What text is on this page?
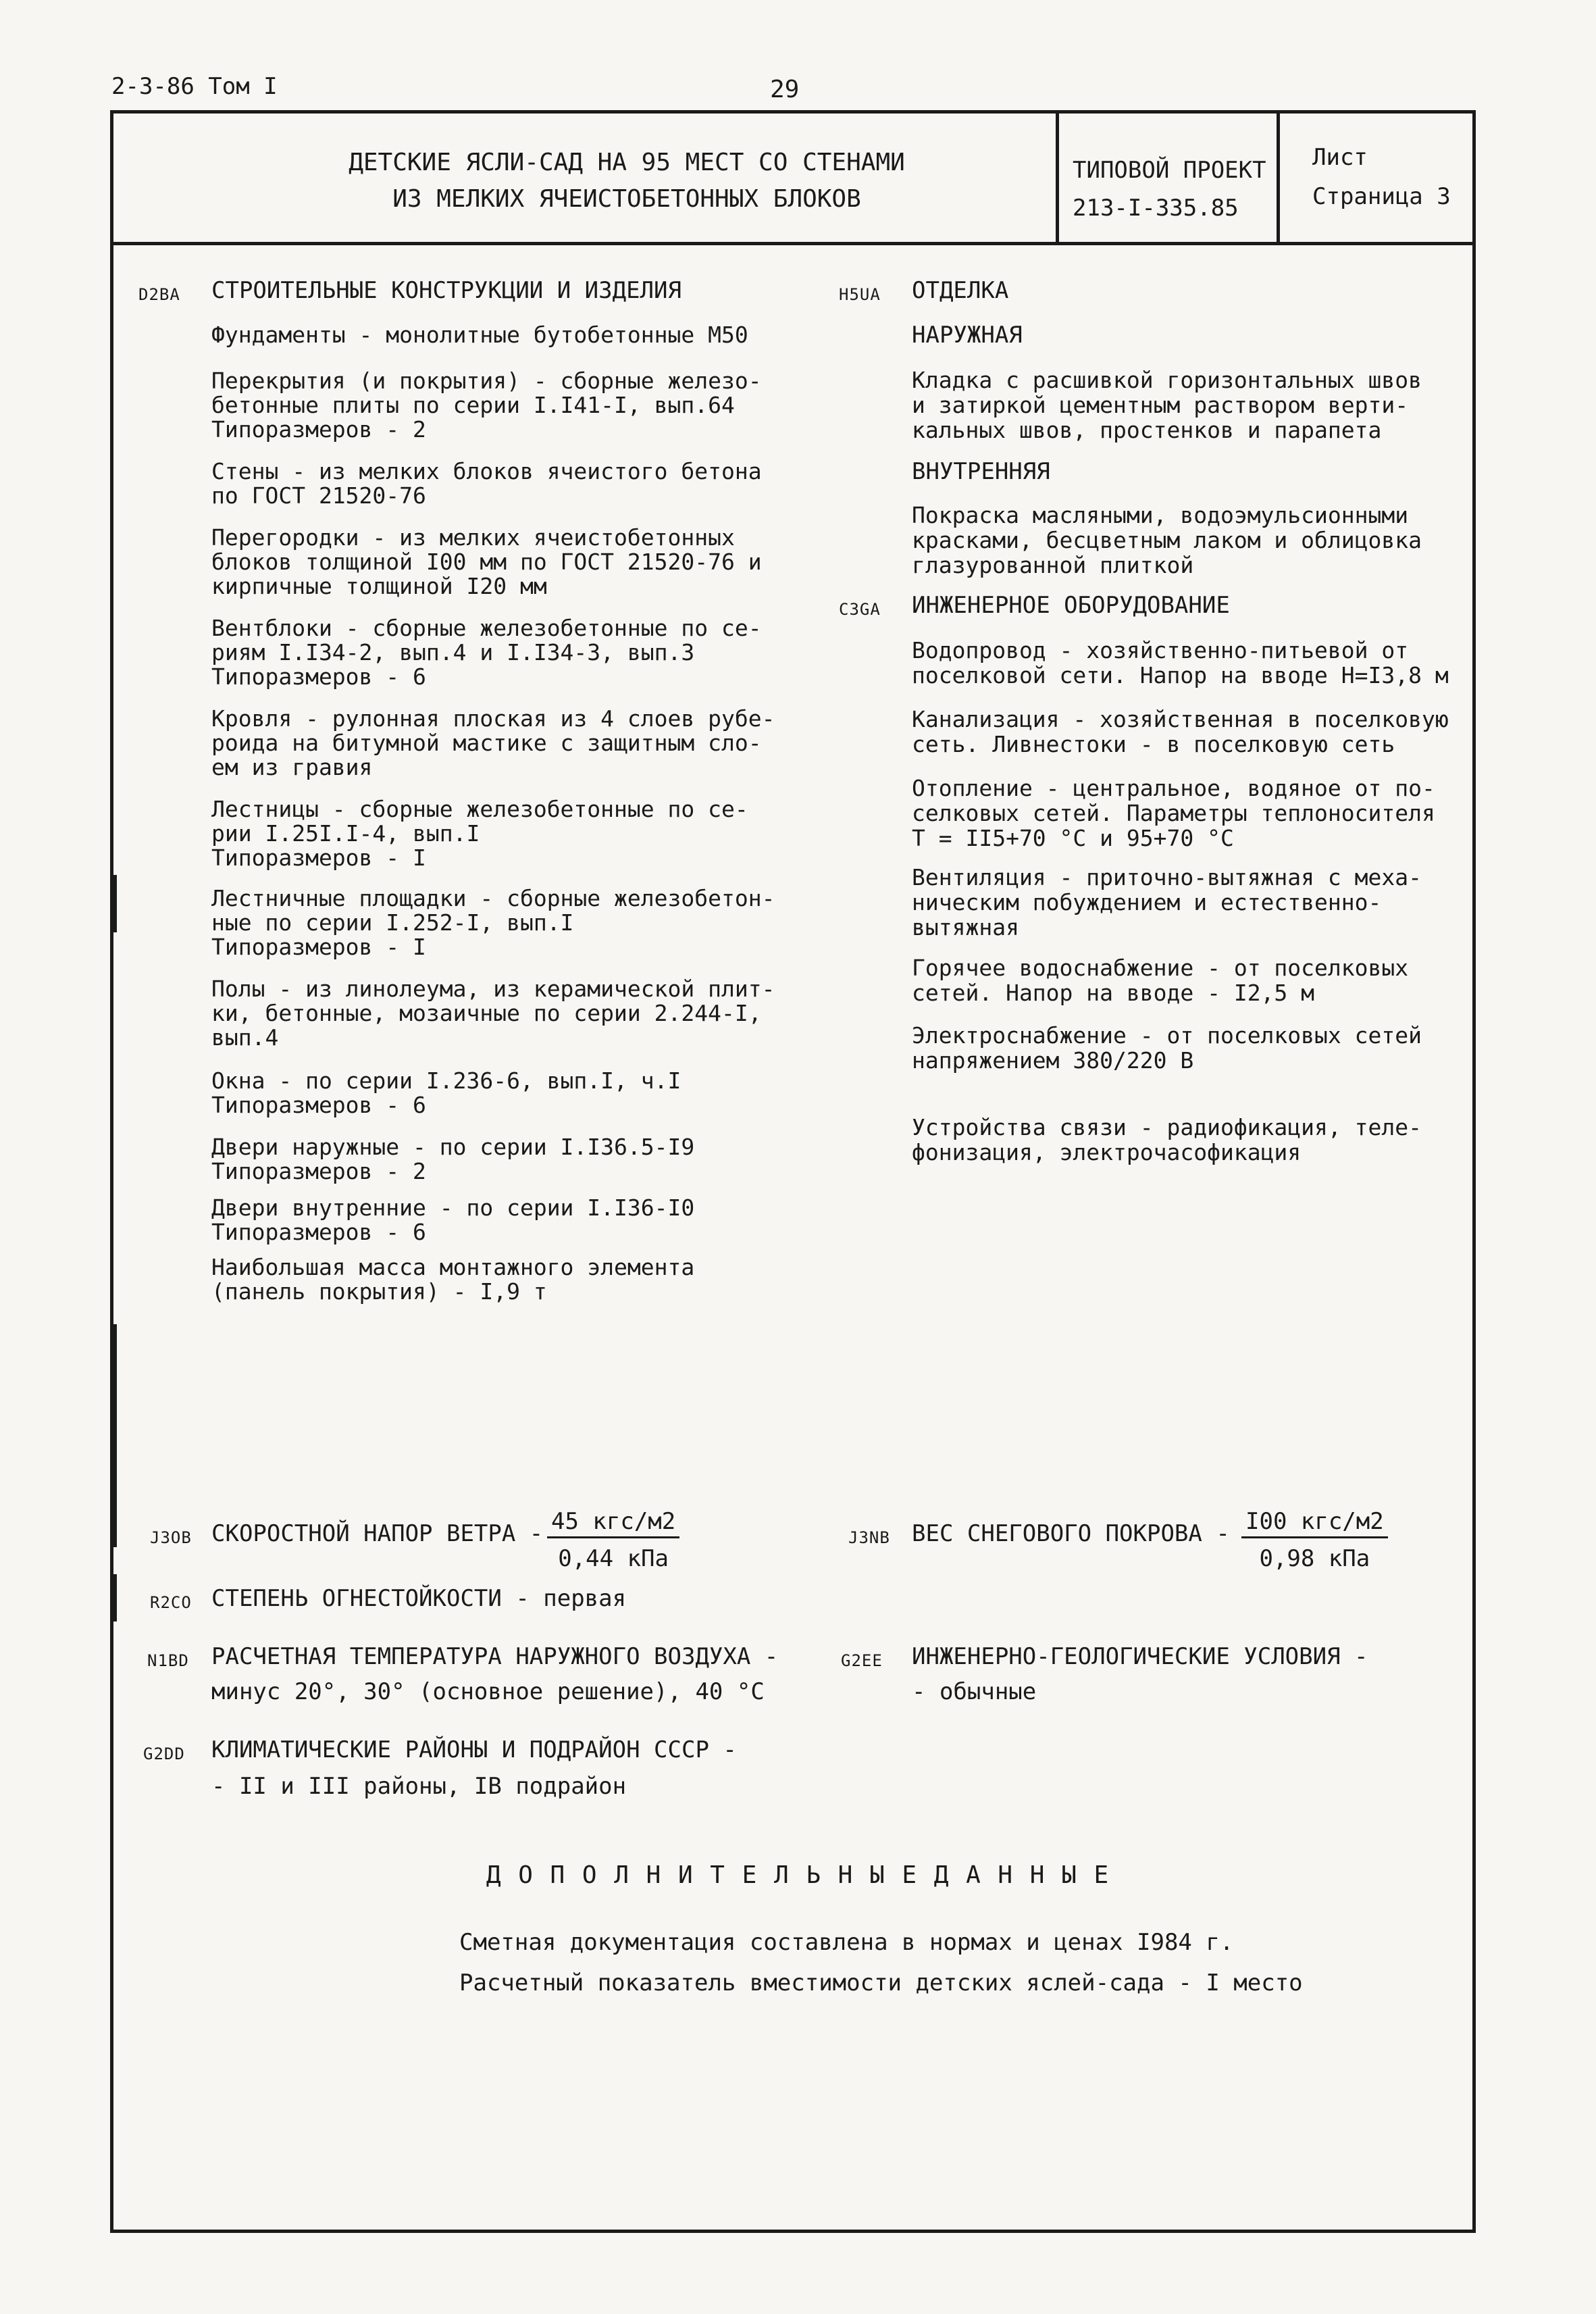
2-3-86 Том I	29
ДЕТСКИЕ ЯСЛИ-САД НА 95 МЕСТ СО СТЕНАМИ
ИЗ МЕЛКИХ ЯЧЕИСТОБЕТОННЫХ БЛОКОВ
ТИПОВОЙ ПРОЕКТ
213-I-335.85
Лист
Страница 3
D2BA СТРОИТЕЛЬНЫЕ КОНСТРУКЦИИ И ИЗДЕЛИЯ
Фундаменты - монолитные бутобетонные М50
Перекрытия (и покрытия) - сборные железо-
бетонные плиты по серии I.I41-I, вып.64
Типоразмеров - 2
Стены - из мелких блоков ячеистого бетона
по ГОСТ 21520-76
Перегородки - из мелких ячеистобетонных
блоков толщиной I00 мм по ГОСТ 21520-76 и
кирпичные толщиной I20 мм
Вентблоки - сборные железобетонные по се-
риям I.I34-2, вып.4 и I.I34-3, вып.3
Типоразмеров - 6
Кровля - рулонная плоская из 4 слоев рубе-
роида на битумной мастике с защитным сло-
ем из гравия
Лестницы - сборные железобетонные по се-
рии I.25I.I-4, вып.I
Типоразмеров - I
Лестничные площадки - сборные железобетон-
ные по серии I.252-I, вып.I
Типоразмеров - I
Полы - из линолеума, из керамической плит-
ки, бетонные, мозаичные по серии 2.244-I,
вып.4
Окна - по серии I.236-6, вып.I, ч.I
Типоразмеров - 6
Двери наружные - по серии I.I36.5-I9
Типоразмеров - 2
Двери внутренние - по серии I.I36-I0
Типоразмеров - 6
Наибольшая масса монтажного элемента
(панель покрытия) - I,9 т
H5UA ОТДЕЛКА
НАРУЖНАЯ
Кладка с расшивкой горизонтальных швов
и затиркой цементным раствором верти-
кальных швов, простенков и парапета
ВНУТРЕННЯЯ
Покраска масляными, водоэмульсионными
красками, бесцветным лаком и облицовка
глазурованной плиткой
C3GA ИНЖЕНЕРНОЕ ОБОРУДОВАНИЕ
Водопровод - хозяйственно-питьевой от
поселковой сети. Напор на вводе Н=I3,8 м
Канализация - хозяйственная в поселковую
сеть. Ливнестоки - в поселковую сеть
Отопление - центральное, водяное от по-
селковых сетей. Параметры теплоносителя
Т = II5+70 °С и 95+70 °С
Вентиляция - приточно-вытяжная с меха-
ническим побуждением и естественно-
вытяжная
Горячее водоснабжение - от поселковых
сетей. Напор на вводе - I2,5 м
Электроснабжение - от поселковых сетей
напряжением 380/220 В
Устройства связи - радиофикация, теле-
фонизация, электрочасофикация
J3OB СКОРОСТНОЙ НАПОР ВЕТРА - 45 кгс/м2
0,44 кПа
J3NB ВЕС СНЕГОВОГО ПОКРОВА - I00 кгс/м2
0,98 кПа
R2CO СТЕПЕНЬ ОГНЕСТОЙКОСТИ - первая
N1BD РАСЧЕТНАЯ ТЕМПЕРАТУРА НАРУЖНОГО ВОЗДУХА -
минус 20°, 30° (основное решение), 40 °С
G2EE ИНЖЕНЕРНО-ГЕОЛОГИЧЕСКИЕ УСЛОВИЯ -
- обычные
G2DD КЛИМАТИЧЕСКИЕ РАЙОНЫ И ПОДРАЙОН СССР -
- II и III районы, IВ подрайон
Д О П О Л Н И Т Е Л Ь Н Ы Е Д А Н Н Ы Е
Сметная документация составлена в нормах и ценах I984 г.
Расчетный показатель вместимости детских яслей-сада - I место
